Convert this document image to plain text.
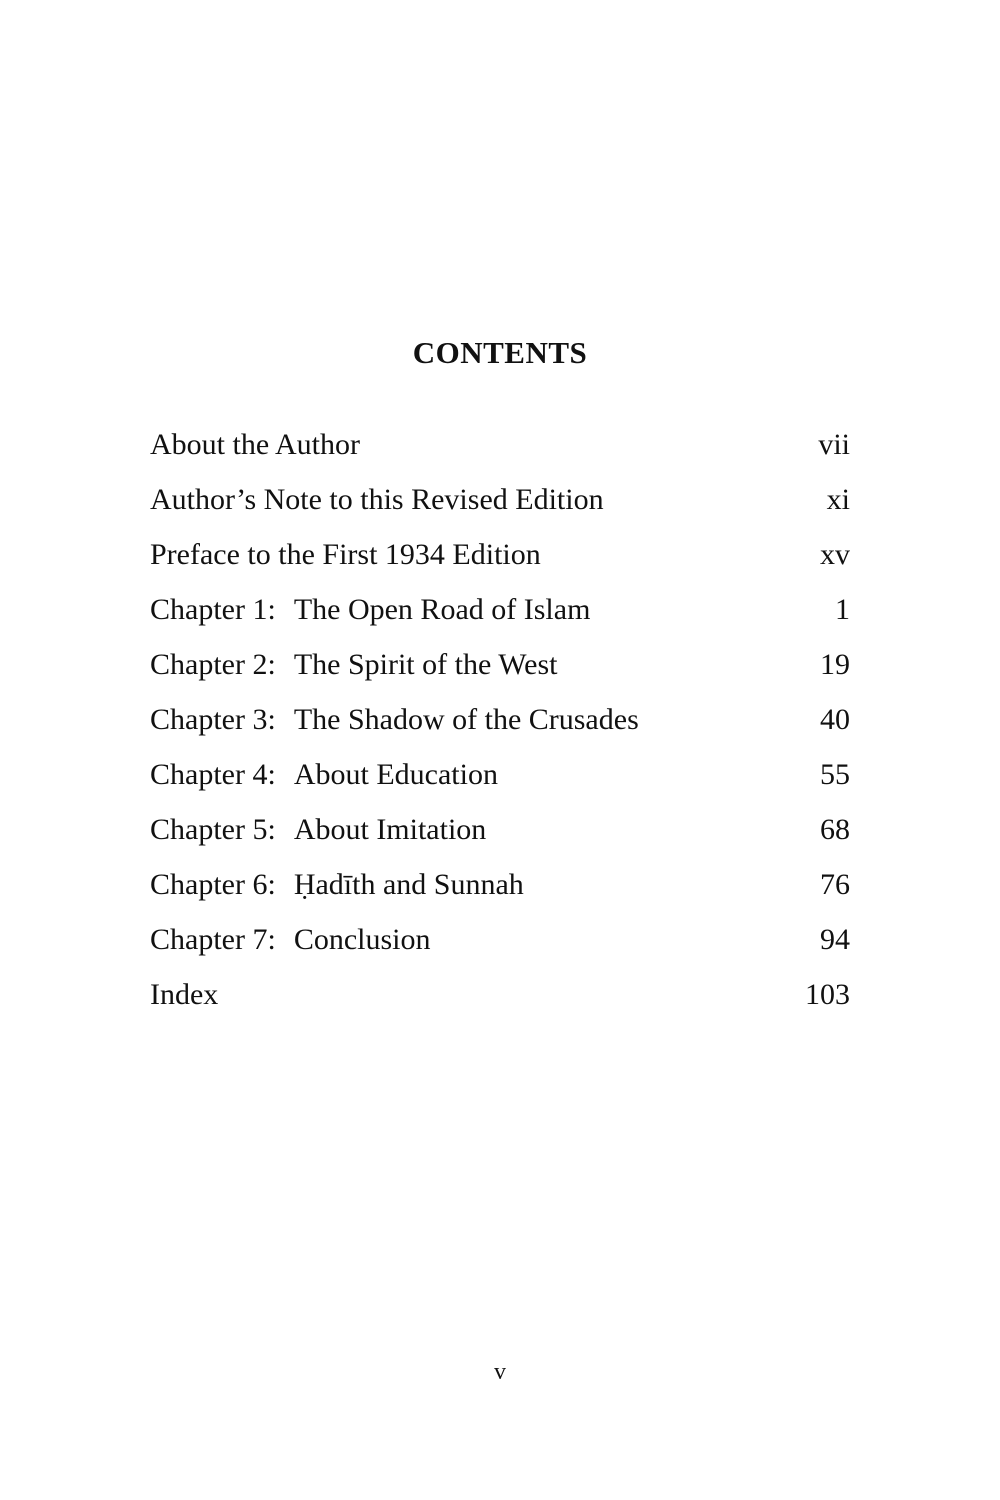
CONTENTS
About the Author	vii
Author’s Note to this Revised Edition	xi
Preface to the First 1934 Edition	xv
Chapter 1: The Open Road of Islam	1
Chapter 2: The Spirit of the West	19
Chapter 3: The Shadow of the Crusades	40
Chapter 4: About Education	55
Chapter 5: About Imitation	68
Chapter 6: Ḥadīth and Sunnah	76
Chapter 7: Conclusion	94
Index	103
v
